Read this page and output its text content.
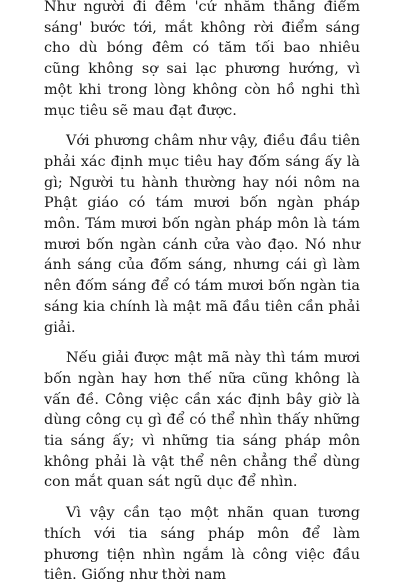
Như người đi đêm 'cứ nhắm thẳng điểm sáng' bước tới, mắt không rời điểm sáng cho dù bóng đêm có tăm tối bao nhiêu cũng không sợ sai lạc phương hướng, vì một khi trong lòng không còn hồ nghi thì mục tiêu sẽ mau đạt được.

Với phương châm như vậy, điều đầu tiên phải xác định mục tiêu hay đốm sáng ấy là gì; Người tu hành thường hay nói nôm na Phật giáo có tám mươi bốn ngàn pháp môn. Tám mươi bốn ngàn pháp môn là tám mươi bốn ngàn cánh cửa vào đạo. Nó như ánh sáng của đốm sáng, nhưng cái gì làm nên đốm sáng để có tám mươi bốn ngàn tia sáng kia chính là mật mã đầu tiên cần phải giải.

Nếu giải được mật mã này thì tám mươi bốn ngàn hay hơn thế nữa cũng không là vấn đề. Công việc cần xác định bây giờ là dùng công cụ gì để có thể nhìn thấy những tia sáng ấy; vì những tia sáng pháp môn không phải là vật thể nên chẳng thể dùng con mắt quan sát ngũ dục để nhìn.

Vì vậy cần tạo một nhãn quan tương thích với tia sáng pháp môn để làm phương tiện nhìn ngắm là công việc đầu tiên. Giống như thời nam
